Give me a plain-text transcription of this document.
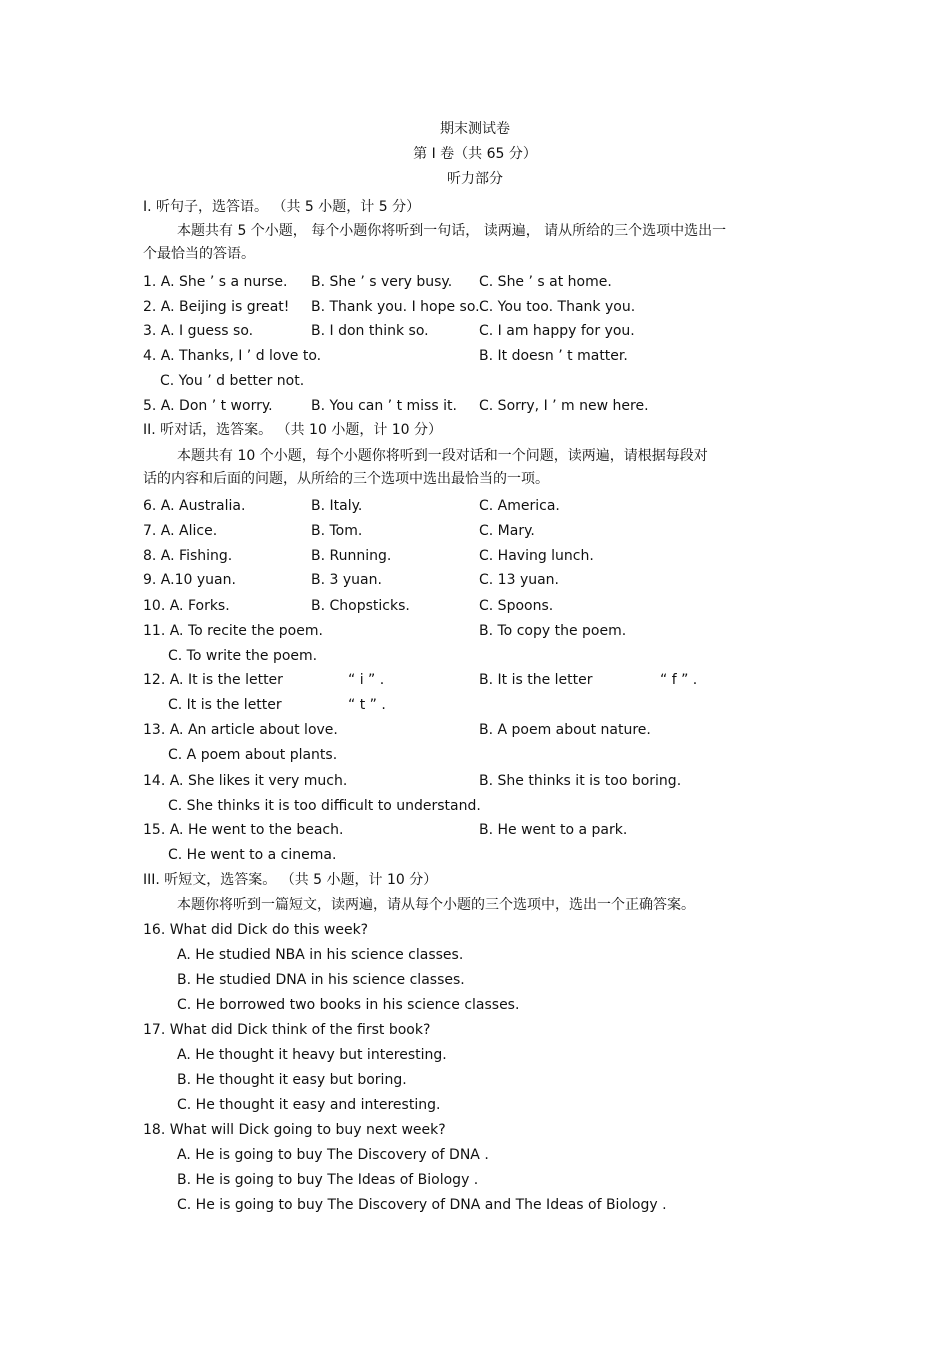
期末测试卷
第 I 卷（共 65 分）
听力部分
I. 听句子，选答语。 （共 5 小题，计 5 分）
本题共有 5 个小题， 每个小题你将听到一句话， 读两遍， 请从所给的三个选项中选出一
个最恰当的答语。
1. A. She ’ s a nurse. B. She ’ s very busy. C. She ’ s at home.
2. A. Beijing is great! B. Thank you. I hope so. C. You too. Thank you.
3. A. I guess so.	B. I don think so.	C. I am happy for you.
4. A. Thanks, I ’ d love to.	B. It doesn ’ t matter.
C. You ’ d better not.
5. A. Don ’ t worry.	B. You can ’ t miss it. C. Sorry, I ’ m new here.
II. 听对话，选答案。 （共 10 小题，计 10 分）
本题共有 10 个小题，每个小题你将听到一段对话和一个问题，读两遍，请根据每段对
话的内容和后面的问题，从所给的三个选项中选出最恰当的一项。
6. A. Australia.	B. Italy.	C. America.
7. A. Alice.	B. Tom.	C. Mary.
8. A. Fishing.	B. Running.	C. Having lunch.
9. A.10 yuan.	B. 3 yuan.	C. 13 yuan.
10. A. Forks.	B. Chopsticks.	C. Spoons.
11. A. To recite the poem.	B. To copy the poem.
C. To write the poem.
12. A. It is the letter	“ i ” .	B. It is the letter	“ f ” .
C. It is the letter	“ t ” .
13. A. An article about love.	B. A poem about nature.
C. A poem about plants.
14. A. She likes it very much.	B. She thinks it is too boring.
C. She thinks it is too difficult to understand.
15. A. He went to the beach.	B. He went to a park.
C. He went to a cinema.
III. 听短文，选答案。 （共 5 小题，计 10 分）
本题你将听到一篇短文，读两遍，请从每个小题的三个选项中，选出一个正确答案。
16. What did Dick do this week?
A. He studied NBA in his science classes.
B. He studied DNA in his science classes.
C. He borrowed two books in his science classes.
17. What did Dick think of the first book?
A. He thought it heavy but interesting.
B. He thought it easy but boring.
C. He thought it easy and interesting.
18. What will Dick going to buy next week?
A. He is going to buy The Discovery of DNA .
B. He is going to buy The Ideas of Biology .
C. He is going to buy The Discovery of DNA and The Ideas of Biology .
